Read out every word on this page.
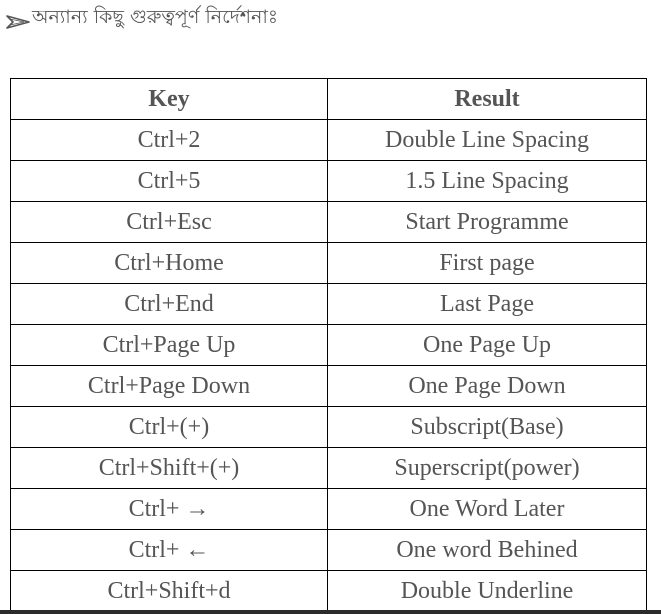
অন্যান্য কিছু গুরুত্বপূর্ণ নির্দেশনাঃ
Key	Result
Ctrl+2	Double Line Spacing
Ctrl+5	1.5 Line Spacing
Ctrl+Esc	Start Programme
Ctrl+Home	First page
Ctrl+End	Last Page
Ctrl+Page Up	One Page Up
Ctrl+Page Down	One Page Down
Ctrl+(+)	Subscript(Base)
Ctrl+Shift+(+)	Superscript(power)
Ctrl+ →	One Word Later
Ctrl+ ←	One word Behined
Ctrl+Shift+d	Double Underline
